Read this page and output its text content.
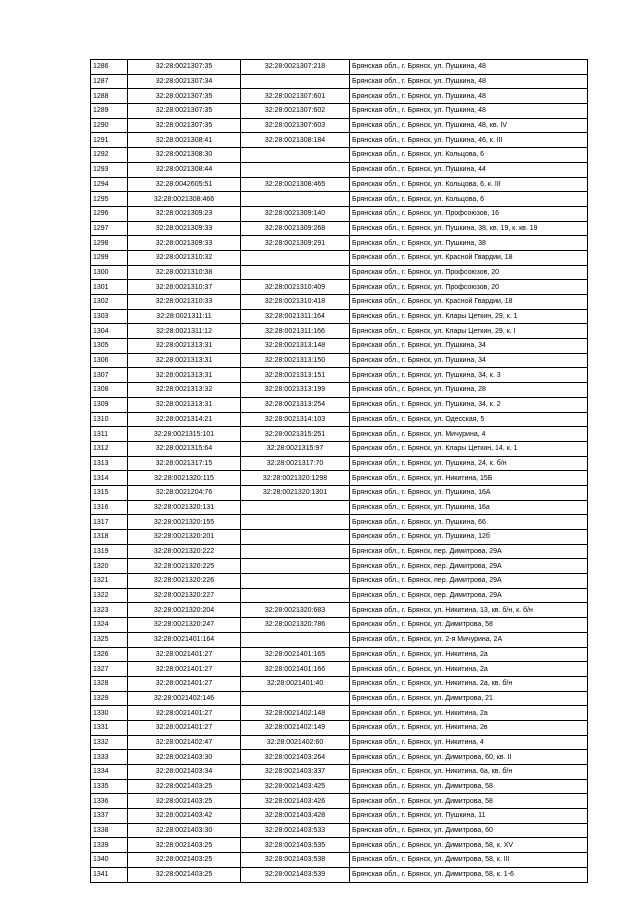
1286	32:28:0021307:35	32:28:0021307:218	Брянская обл., г. Брянск, ул. Пушкина, 48
1287	32:28:0021307:34		Брянская обл., г. Брянск, ул. Пушкина, 48
1288	32:28:0021307:35	32:28:0021307:601	Брянская обл., г. Брянск, ул. Пушкина, 48
1289	32:28:0021307:35	32:28:0021307:602	Брянская обл., г. Брянск, ул. Пушкина, 48
1290	32:28:0021307:35	32:28:0021307:603	Брянская обл., г. Брянск, ул. Пушкина, 48, кв. IV
1291	32:28:0021308:41	32:28:0021308:184	Брянская обл., г. Брянск, ул. Пушкина, 46, к. III
1292	32:28:0021308:30		Брянская обл., г. Брянск, ул. Кольцова, 6
1293	32:28:0021308:44		Брянская обл., г. Брянск, ул. Пушкина, 44
1294	32:28:0042605:51	32:28:0021308:465	Брянская обл., г. Брянск, ул. Кольцова, 6, к. III
1295	32:28:0021308:466		Брянская обл., г. Брянск, ул. Кольцова, 6
1296	32:28:0021309:23	32:28:0021309:140	Брянская обл., г. Брянск, ул. Профсоюзов, 16
1297	32:28:0021309:33	32:28:0021309:268	Брянская обл., г. Брянск, ул. Пушкина, 38, кв. 19, к. кв. 19
1298	32:28:0021309:33	32:28:0021309:291	Брянская обл., г. Брянск, ул. Пушкина, 38
1299	32:28:0021310:32		Брянская обл., г. Брянск, ул. Красной Гвардии, 18
1300	32:28:0021310:38		Брянская обл., г. Брянск, ул. Профсоюзов, 20
1301	32:28:0021310:37	32:28:0021310:409	Брянская обл., г. Брянск, ул. Профсоюзов, 20
1302	32:28:0021310:33	32:28:0021310:418	Брянская обл., г. Брянск, ул. Красной Гвардии, 18
1303	32:28:0021311:11	32:28:0021311:164	Брянская обл., г. Брянск, ул. Клары Цеткин, 29, к. 1
1304	32:28:0021311:12	32:28:0021311:166	Брянская обл., г. Брянск, ул. Клары Цеткин, 29, к. I
1305	32:28:0021313:31	32:28:0021313:148	Брянская обл., г. Брянск, ул. Пушкина, 34
1306	32:28:0021313:31	32:28:0021313:150	Брянская обл., г. Брянск, ул. Пушкина, 34
1307	32:28:0021313:31	32:28:0021313:151	Брянская обл., г. Брянск, ул. Пушкина, 34, к. 3
1308	32:28:0021313:32	32:28:0021313:199	Брянская обл., г. Брянск, ул. Пушкина, 28
1309	32:28:0021313:31	32:28:0021313:254	Брянская обл., г. Брянск, ул. Пушкина, 34, к. 2
1310	32:28:0021314:21	32:28:0021314:103	Брянская обл., г. Брянск, ул. Одесская, 5
1311	32:28:0021315:101	32:28:0021315:251	Брянская обл., г. Брянск, ул. Мичурина, 4
1312	32:28:0021315:64	32:28:0021315:97	Брянская обл., г. Брянск, ул. Клары Цеткин, 14, к. 1
1313	32:28:0021317:15	32:28:0021317:70	Брянская обл., г. Брянск, ул. Пушкина, 24, к. б/н
1314	32:28:0021320:115	32:28:0021320:1298	Брянская обл., г. Брянск, ул. Никитина, 15Б
1315	32:28:0021204:76	32:28:0021320:1301	Брянская обл., г. Брянск, ул. Пушкина, 16А
1316	32:28:0021320:131		Брянская обл., г. Брянск, ул. Пушкина, 16а
1317	32:28:0021320:155		Брянская обл., г. Брянск, ул. Пушкина, 66
1318	32:28:0021320:201		Брянская обл., г. Брянск, ул. Пушкина, 12б
1319	32:28:0021320:222		Брянская обл., г. Брянск, пер. Димитрова, 29А
1320	32:28:0021320:225		Брянская обл., г. Брянск, пер. Димитрова, 29А
1321	32:28:0021320:226		Брянская обл., г. Брянск, пер. Димитрова, 29А
1322	32:28:0021320:227		Брянская обл., г. Брянск, пер. Димитрова, 29А
1323	32:28:0021320:204	32:28:0021320:683	Брянская обл., г. Брянск, ул. Никитина, 13, кв. б/н, к. б/н
1324	32:28:0021320:247	32:28:0021320:786	Брянская обл., г. Брянск, ул. Димитрова, 58
1325	32:28:0021401:164		Брянская обл., г. Брянск, ул. 2-я Мичурина, 2А
1326	32:28:0021401:27	32:28:0021401:165	Брянская обл., г. Брянск, ул. Никитина, 2а
1327	32:28:0021401:27	32:28:0021401:166	Брянская обл., г. Брянск, ул. Никитина, 2а
1328	32:28:0021401:27	32:28:0021401:40	Брянская обл., г. Брянск, ул. Никитина, 2а, кв. б/н
1329	32:28:0021402:146		Брянская обл., г. Брянск, ул. Димитрова, 21
1330	32:28:0021401:27	32:28:0021402:148	Брянская обл., г. Брянск, ул. Никитина, 2а
1331	32:28:0021401:27	32:28:0021402:149	Брянская обл., г. Брянск, ул. Никитина, 2в
1332	32:28:0021402:47	32:28:0021402:60	Брянская обл., г. Брянск, ул. Никитина, 4
1333	32:28:0021403:30	32:28:0021403:264	Брянская обл., г. Брянск, ул. Димитрова, 60, кв. II
1334	32:28:0021403:34	32:28:0021403:337	Брянская обл., г. Брянск, ул. Никитина, 6а, кв. б/н
1335	32:28:0021403:25	32:28:0021403:425	Брянская обл., г. Брянск, ул. Димитрова, 58
1336	32:28:0021403:25	32:28:0021403:426	Брянская обл., г. Брянск, ул. Димитрова, 58
1337	32:28:0021403:42	32:28:0021403:428	Брянская обл., г. Брянск, ул. Пушкина, 11
1338	32:28:0021403:30	32:28:0021403:533	Брянская обл., г. Брянск, ул. Димитрова, 60
1339	32:28:0021403:25	32:28:0021403:535	Брянская обл., г. Брянск, ул. Димитрова, 58, к. XV
1340	32:28:0021403:25	32:28:0021403:538	Брянская обл., г. Брянск, ул. Димитрова, 58, к. III
1341	32:28:0021403:25	32:28:0021403:539	Брянская обл., г. Брянск, ул. Димитрова, 58, к. 1-6
